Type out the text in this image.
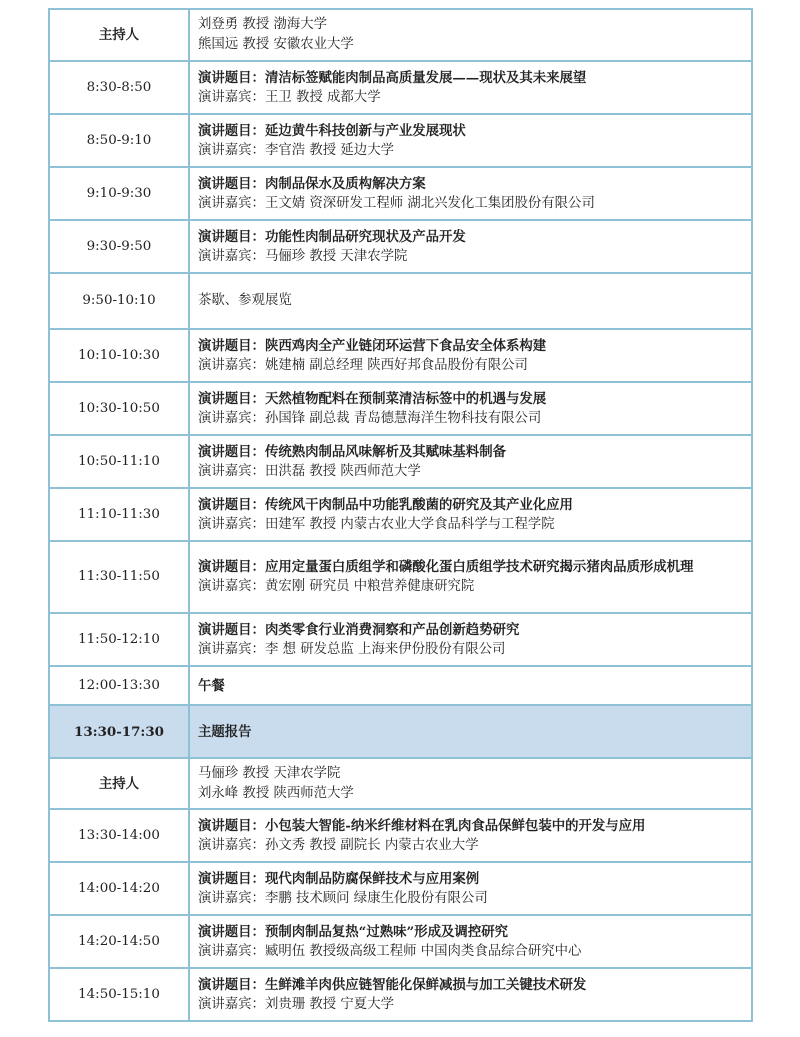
主持人	刘登勇 教授 渤海大学
熊国远 教授 安徽农业大学

8:30-8:50	演讲题目：清洁标签赋能肉制品高质量发展——现状及其未来展望
演讲嘉宾：王卫 教授 成都大学

8:50-9:10	演讲题目：延边黄牛科技创新与产业发展现状
演讲嘉宾：李官浩 教授 延边大学

9:10-9:30	演讲题目：肉制品保水及质构解决方案
演讲嘉宾：王文婧 资深研发工程师 湖北兴发化工集团股份有限公司

9:30-9:50	演讲题目：功能性肉制品研究现状及产品开发
演讲嘉宾：马俪珍 教授 天津农学院

9:50-10:10	茶歇、参观展览
10:10-10:30	演讲题目：陕西鸡肉全产业链闭环运营下食品安全体系构建
演讲嘉宾：姚建楠 副总经理 陕西好邦食品股份有限公司

10:30-10:50	演讲题目：天然植物配料在预制菜清洁标签中的机遇与发展
演讲嘉宾：孙国锋 副总裁 青岛德慧海洋生物科技有限公司

10:50-11:10	演讲题目：传统熟肉制品风味解析及其赋味基料制备
演讲嘉宾：田洪磊 教授 陕西师范大学

11:10-11:30	演讲题目：传统风干肉制品中功能乳酸菌的研究及其产业化应用
演讲嘉宾：田建军 教授 内蒙古农业大学食品科学与工程学院

11:30-11:50	演讲题目：应用定量蛋白质组学和磷酸化蛋白质组学技术研究揭示猪肉品质形成机理
演讲嘉宾：黄宏刚 研究员 中粮营养健康研究院

11:50-12:10	演讲题目：肉类零食行业消费洞察和产品创新趋势研究
演讲嘉宾：李 想 研发总监 上海来伊份股份有限公司

12:00-13:30	午餐
13:30-17:30	主题报告
主持人	马俪珍 教授 天津农学院
刘永峰 教授 陕西师范大学

13:30-14:00	演讲题目：小包装大智能-纳米纤维材料在乳肉食品保鲜包装中的开发与应用
演讲嘉宾：孙文秀 教授 副院长 内蒙古农业大学

14:00-14:20	演讲题目：现代肉制品防腐保鲜技术与应用案例
演讲嘉宾：李鹏 技术顾问 绿康生化股份有限公司

14:20-14:50	演讲题目：预制肉制品复热“过熟味”形成及调控研究
演讲嘉宾：臧明伍 教授级高级工程师 中国肉类食品综合研究中心

14:50-15:10	演讲题目：生鲜滩羊肉供应链智能化保鲜减损与加工关键技术研发
演讲嘉宾：刘贵珊 教授 宁夏大学
